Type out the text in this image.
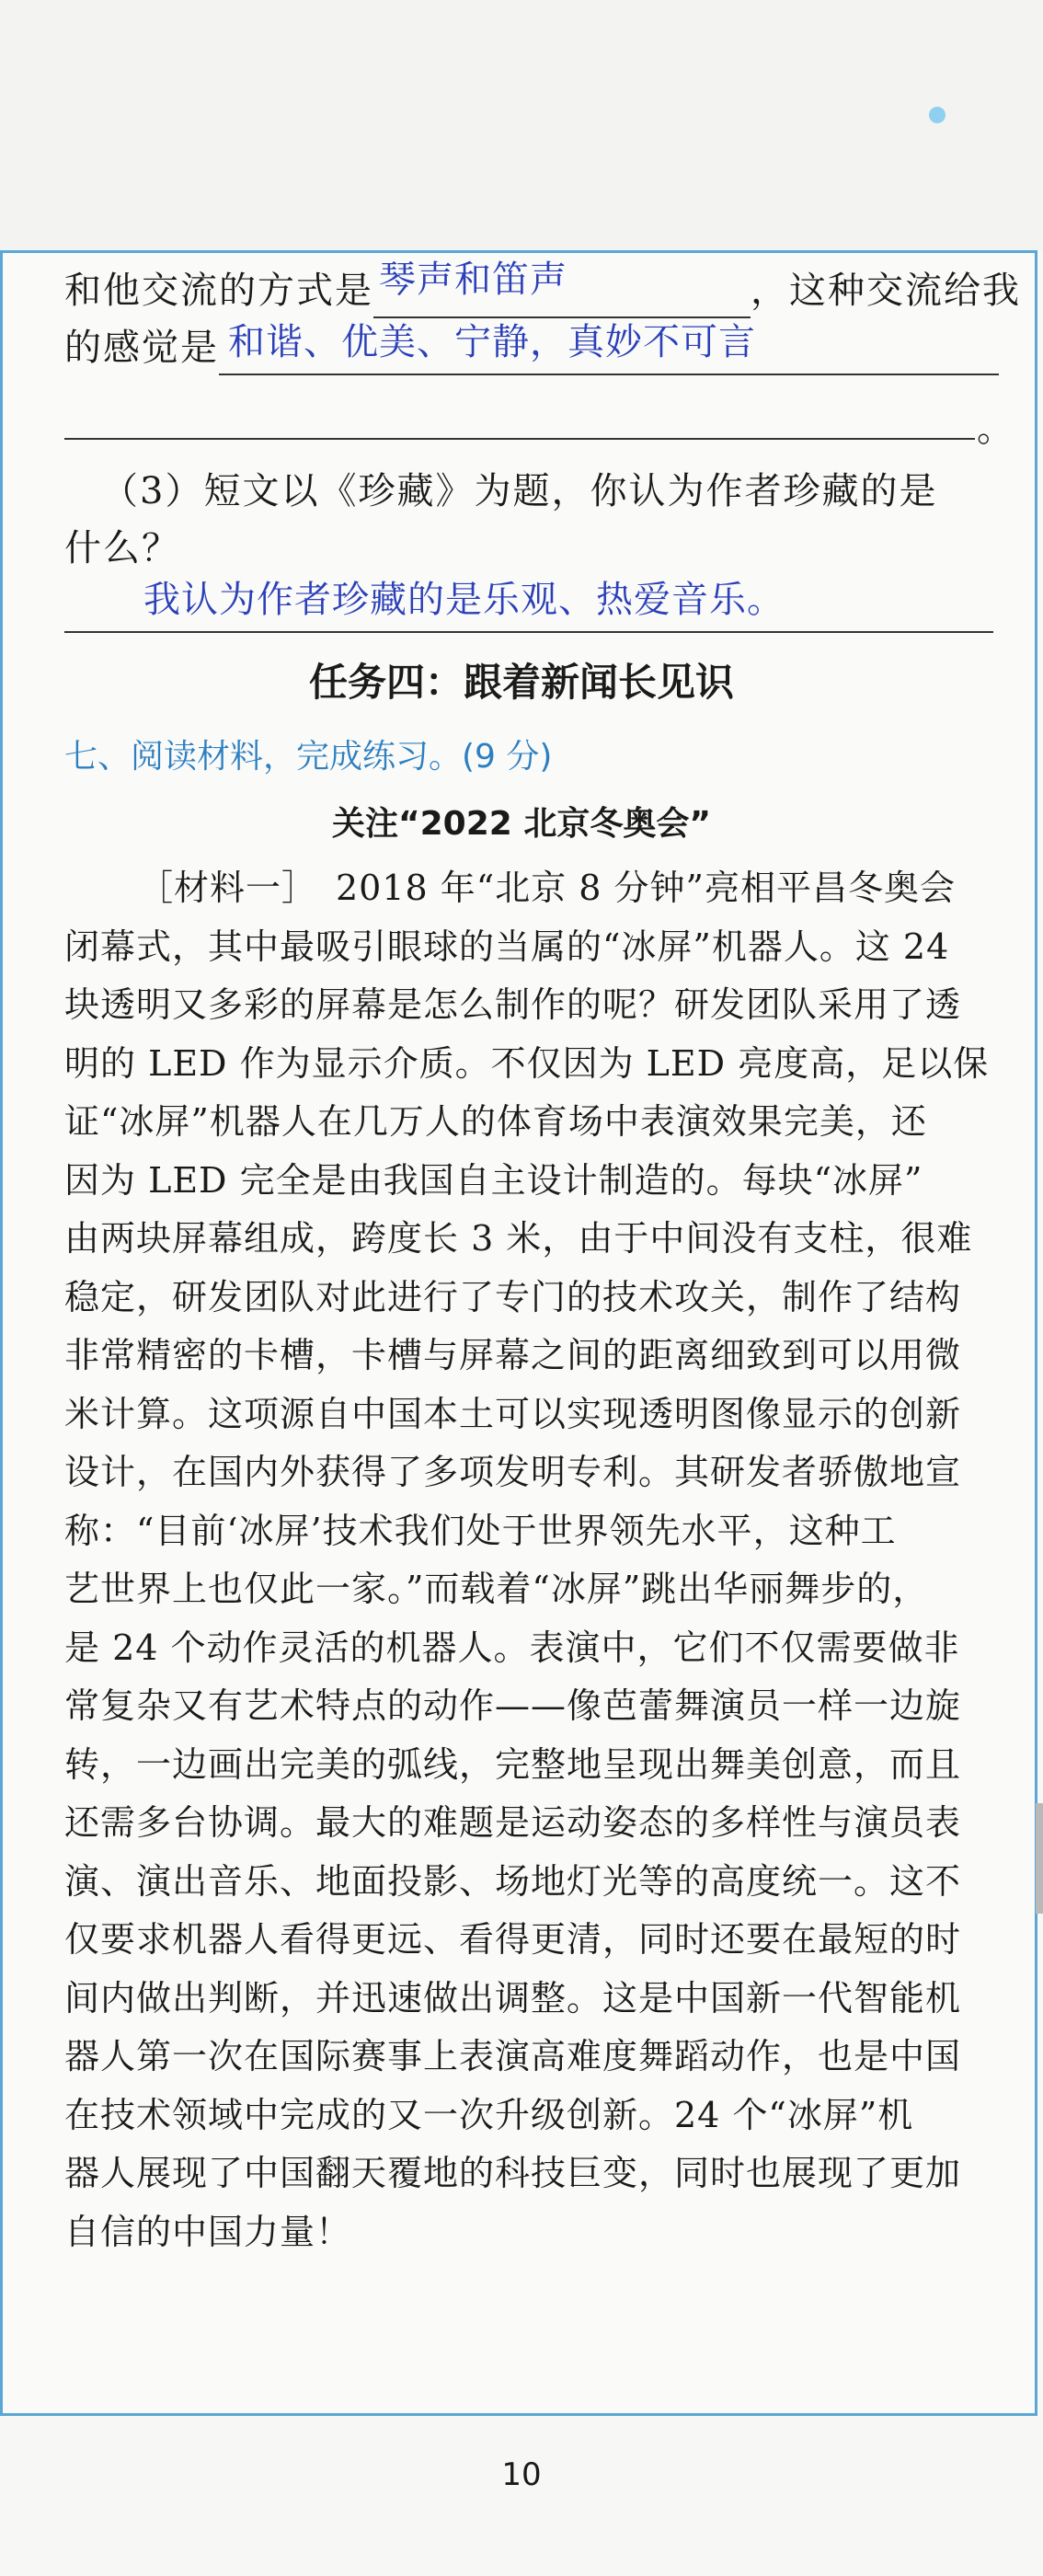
和他交流的方式是 琴声和笛声	，这种交流给我
的感觉是 和谐、优美、宁静，真妙不可言
。
（3）短文以《珍藏》为题，你认为作者珍藏的是
什么？
我认为作者珍藏的是乐观、热爱音乐。
任务四：跟着新闻长见识
七、阅读材料，完成练习。(9 分)
关注“2022 北京冬奥会”

［材料一］　2018 年“北京 8 分钟”亮相平昌冬奥会

闭幕式，其中最吸引眼球的当属的“冰屏”机器人。这 24

块透明又多彩的屏幕是怎么制作的呢？研发团队采用了透

明的 LED 作为显示介质。不仅因为 LED 亮度高，足以保

证“冰屏”机器人在几万人的体育场中表演效果完美，还

因为 LED 完全是由我国自主设计制造的。每块“冰屏”

由两块屏幕组成，跨度长 3 米，由于中间没有支柱，很难

稳定，研发团队对此进行了专门的技术攻关，制作了结构

非常精密的卡槽，卡槽与屏幕之间的距离细致到可以用微

米计算。这项源自中国本土可以实现透明图像显示的创新

设计，在国内外获得了多项发明专利。其研发者骄傲地宣

称：“目前‘冰屏’技术我们处于世界领先水平，这种工

艺世界上也仅此一家。”而载着“冰屏”跳出华丽舞步的，

是 24 个动作灵活的机器人。表演中，它们不仅需要做非

常复杂又有艺术特点的动作——像芭蕾舞演员一样一边旋

转，一边画出完美的弧线，完整地呈现出舞美创意，而且

还需多台协调。最大的难题是运动姿态的多样性与演员表

演、演出音乐、地面投影、场地灯光等的高度统一。这不

仅要求机器人看得更远、看得更清，同时还要在最短的时

间内做出判断，并迅速做出调整。这是中国新一代智能机

器人第一次在国际赛事上表演高难度舞蹈动作，也是中国

在技术领域中完成的又一次升级创新。24 个“冰屏”机

器人展现了中国翻天覆地的科技巨变，同时也展现了更加

自信的中国力量！

10
